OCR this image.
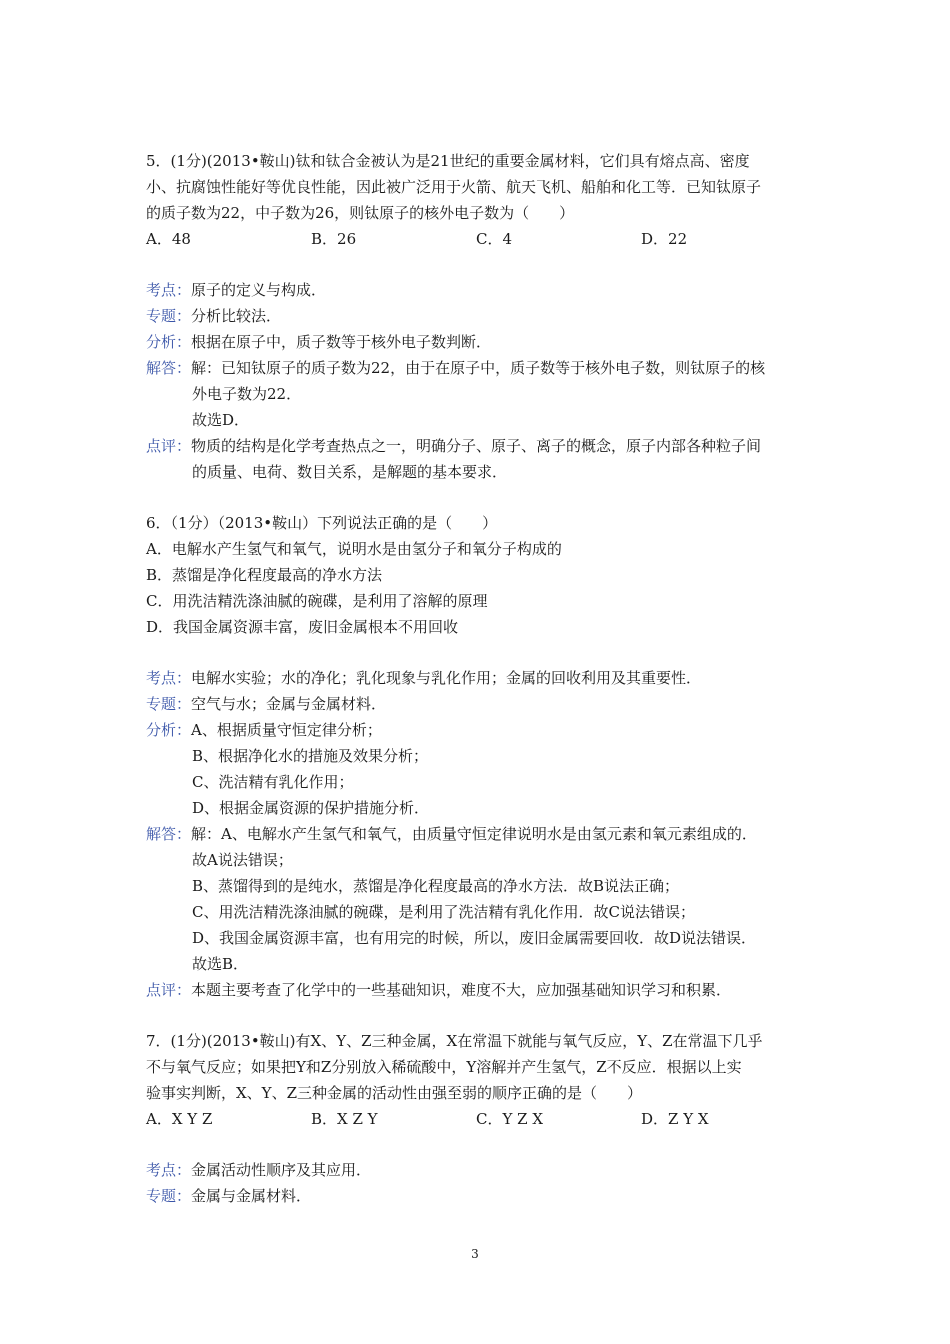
5．(1分)(2013•鞍山)钛和钛合金被认为是21世纪的重要金属材料，它们具有熔点高、密度
小、抗腐蚀性能好等优良性能，因此被广泛用于火箭、航天飞机、船舶和化工等．已知钛原子
的质子数为22，中子数为26，则钛原子的核外电子数为（　　）
A．48	B．26	C．4	D．22
考点：原子的定义与构成．
专题：分析比较法．
分析：根据在原子中，质子数等于核外电子数判断．
解答：解：已知钛原子的质子数为22，由于在原子中，质子数等于核外电子数，则钛原子的核
外电子数为22．
故选D．
点评：物质的结构是化学考查热点之一，明确分子、原子、离子的概念，原子内部各种粒子间
的质量、电荷、数目关系，是解题的基本要求．
6．（1分）（2013•鞍山）下列说法正确的是（　　）
A．电解水产生氢气和氧气，说明水是由氢分子和氧分子构成的
B．蒸馏是净化程度最高的净水方法
C．用洗洁精洗涤油腻的碗碟，是利用了溶解的原理
D．我国金属资源丰富，废旧金属根本不用回收
考点：电解水实验；水的净化；乳化现象与乳化作用；金属的回收利用及其重要性．
专题：空气与水；金属与金属材料．
分析：A、根据质量守恒定律分析；
B、根据净化水的措施及效果分析；
C、洗洁精有乳化作用；
D、根据金属资源的保护措施分析．
解答：解：A、电解水产生氢气和氧气，由质量守恒定律说明水是由氢元素和氧元素组成的．
故A说法错误；
B、蒸馏得到的是纯水，蒸馏是净化程度最高的净水方法．故B说法正确；
C、用洗洁精洗涤油腻的碗碟，是利用了洗洁精有乳化作用．故C说法错误；
D、我国金属资源丰富，也有用完的时候，所以，废旧金属需要回收．故D说法错误．
故选B．
点评：本题主要考查了化学中的一些基础知识，难度不大，应加强基础知识学习和积累．
7．(1分)(2013•鞍山)有X、Y、Z三种金属，X在常温下就能与氧气反应，Y、Z在常温下几乎
不与氧气反应；如果把Y和Z分别放入稀硫酸中，Y溶解并产生氢气，Z不反应．根据以上实
验事实判断，X、Y、Z三种金属的活动性由强至弱的顺序正确的是（　　）
A．X Y Z	B．X Z Y	C．Y Z X	D．Z Y X
考点：金属活动性顺序及其应用．
专题：金属与金属材料．
3
